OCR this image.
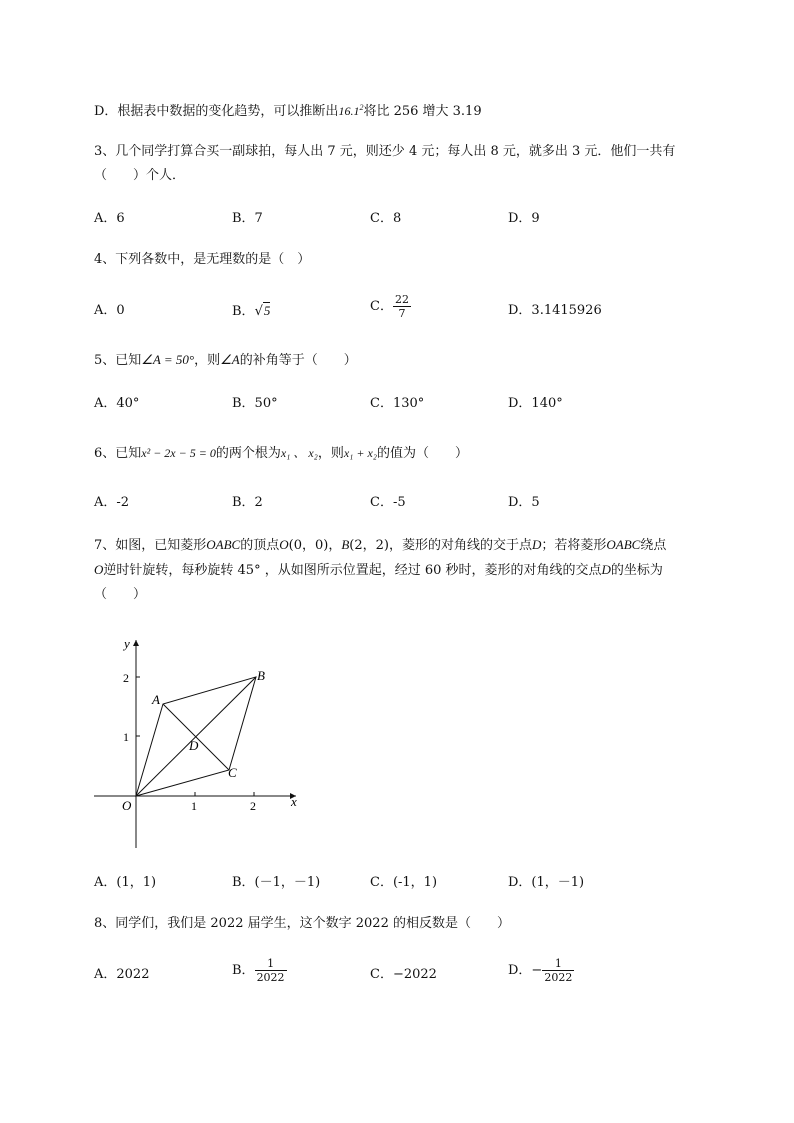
D．根据表中数据的变化趋势，可以推断出16.1$^2$将比 256 增大 3.19
3、几个同学打算合买一副球拍，每人出 7 元，则还少 4 元；每人出 8 元，就多出 3 元．他们一共有
（　　）个人．
A．6	B．7	C．8	D．9
4、下列各数中，是无理数的是（　）
A．0	B．√5	C． $\frac{22}{7}$	D．3.1415926
5、已知∠A = 50°，则∠A的补角等于（　　）
A．40°	B．50°	C．130°	D．140°
6、已知x² − 2x − 5 = 0的两个根为x₁ 、 x₂，则x₁ + x₂的值为（　　）
A．-2	B．2	C．-5	D．5
7、如图，已知菱形OABC的顶点O(0，0)，B(2，2)，菱形的对角线的交于点D；若将菱形OABC绕点
O逆时针旋转，每秒旋转 45° ，从如图所示位置起，经过 60 秒时，菱形的对角线的交点D的坐标为
（　　）
y
x
O	1	2
1
2
A
B
C
D
A．(1，1)	B．(－1，－1)	C．(-1，1)	D．(1，－1)
8、同学们，我们是 2022 届学生，这个数字 2022 的相反数是（　　）
A．2022	B． $\frac{1}{2022}$	C．−2022	D．− $\frac{1}{2022}$
